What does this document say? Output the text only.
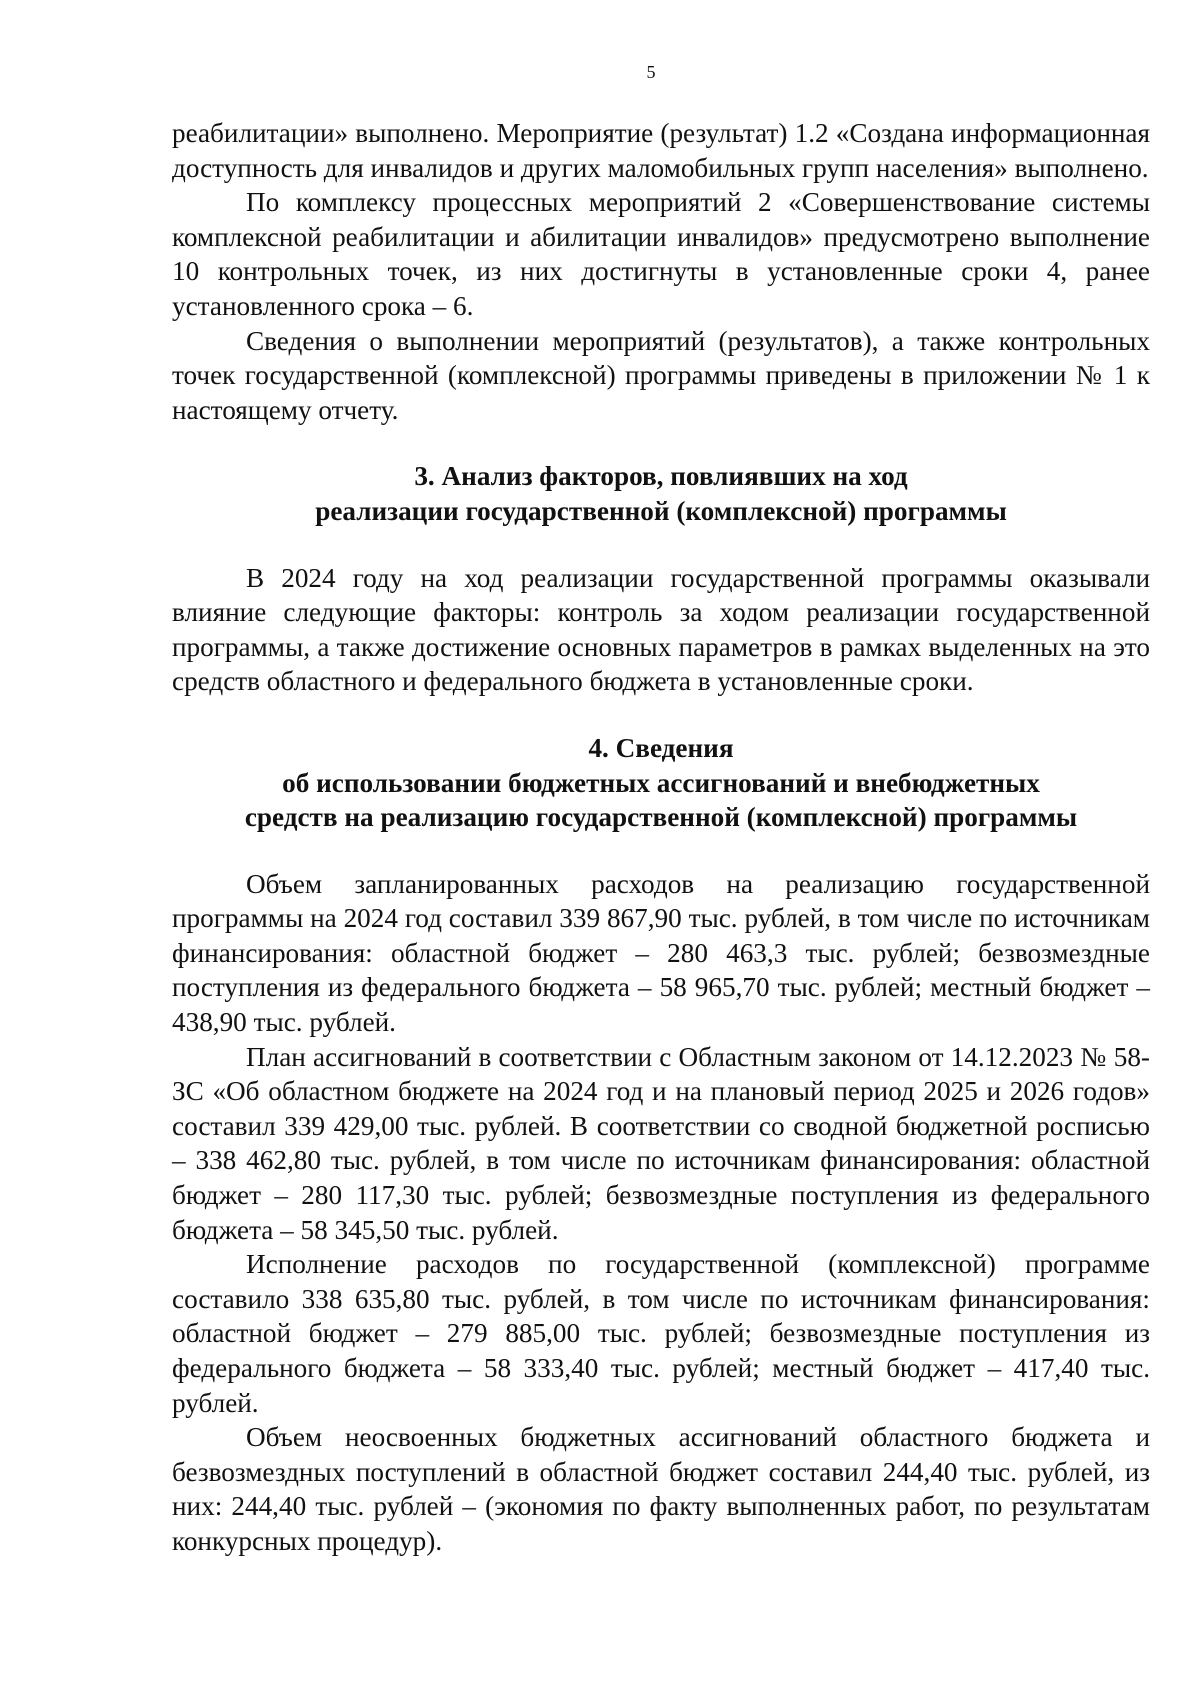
5

реабилитации» выполнено. Мероприятие (результат) 1.2 «Создана информационная доступность для инвалидов и других маломобильных групп населения» выполнено.

По комплексу процессных мероприятий 2 «Совершенствование системы комплексной реабилитации и абилитации инвалидов» предусмотрено выполнение 10 контрольных точек, из них достигнуты в установленные сроки 4, ранее установленного срока – 6.

Сведения о выполнении мероприятий (результатов), а также контрольных точек государственной (комплексной) программы приведены в приложении № 1 к настоящему отчету.

3. Анализ факторов, повлиявших на ход
реализации государственной (комплексной) программы

В 2024 году на ход реализации государственной программы оказывали влияние следующие факторы: контроль за ходом реализации государственной программы, а также достижение основных параметров в рамках выделенных на это средств областного и федерального бюджета в установленные сроки.

4. Сведения
об использовании бюджетных ассигнований и внебюджетных
средств на реализацию государственной (комплексной) программы

Объем запланированных расходов на реализацию государственной программы на 2024 год составил 339 867,90 тыс. рублей, в том числе по источникам финансирования: областной бюджет – 280 463,3 тыс. рублей; безвозмездные поступления из федерального бюджета – 58 965,70 тыс. рублей; местный бюджет – 438,90 тыс. рублей.

План ассигнований в соответствии с Областным законом от 14.12.2023 № 58-ЗС «Об областном бюджете на 2024 год и на плановый период 2025 и 2026 годов» составил 339 429,00 тыс. рублей. В соответствии со сводной бюджетной росписью – 338 462,80 тыс. рублей, в том числе по источникам финансирования: областной бюджет – 280 117,30 тыс. рублей; безвозмездные поступления из федерального бюджета – 58 345,50 тыс. рублей.

Исполнение расходов по государственной (комплексной) программе составило 338 635,80 тыс. рублей, в том числе по источникам финансирования: областной бюджет – 279 885,00 тыс. рублей; безвозмездные поступления из федерального бюджета – 58 333,40 тыс. рублей; местный бюджет – 417,40 тыс. рублей.

Объем неосвоенных бюджетных ассигнований областного бюджета и безвозмездных поступлений в областной бюджет составил 244,40 тыс. рублей, из них: 244,40 тыс. рублей – (экономия по факту выполненных работ, по результатам конкурсных процедур).
